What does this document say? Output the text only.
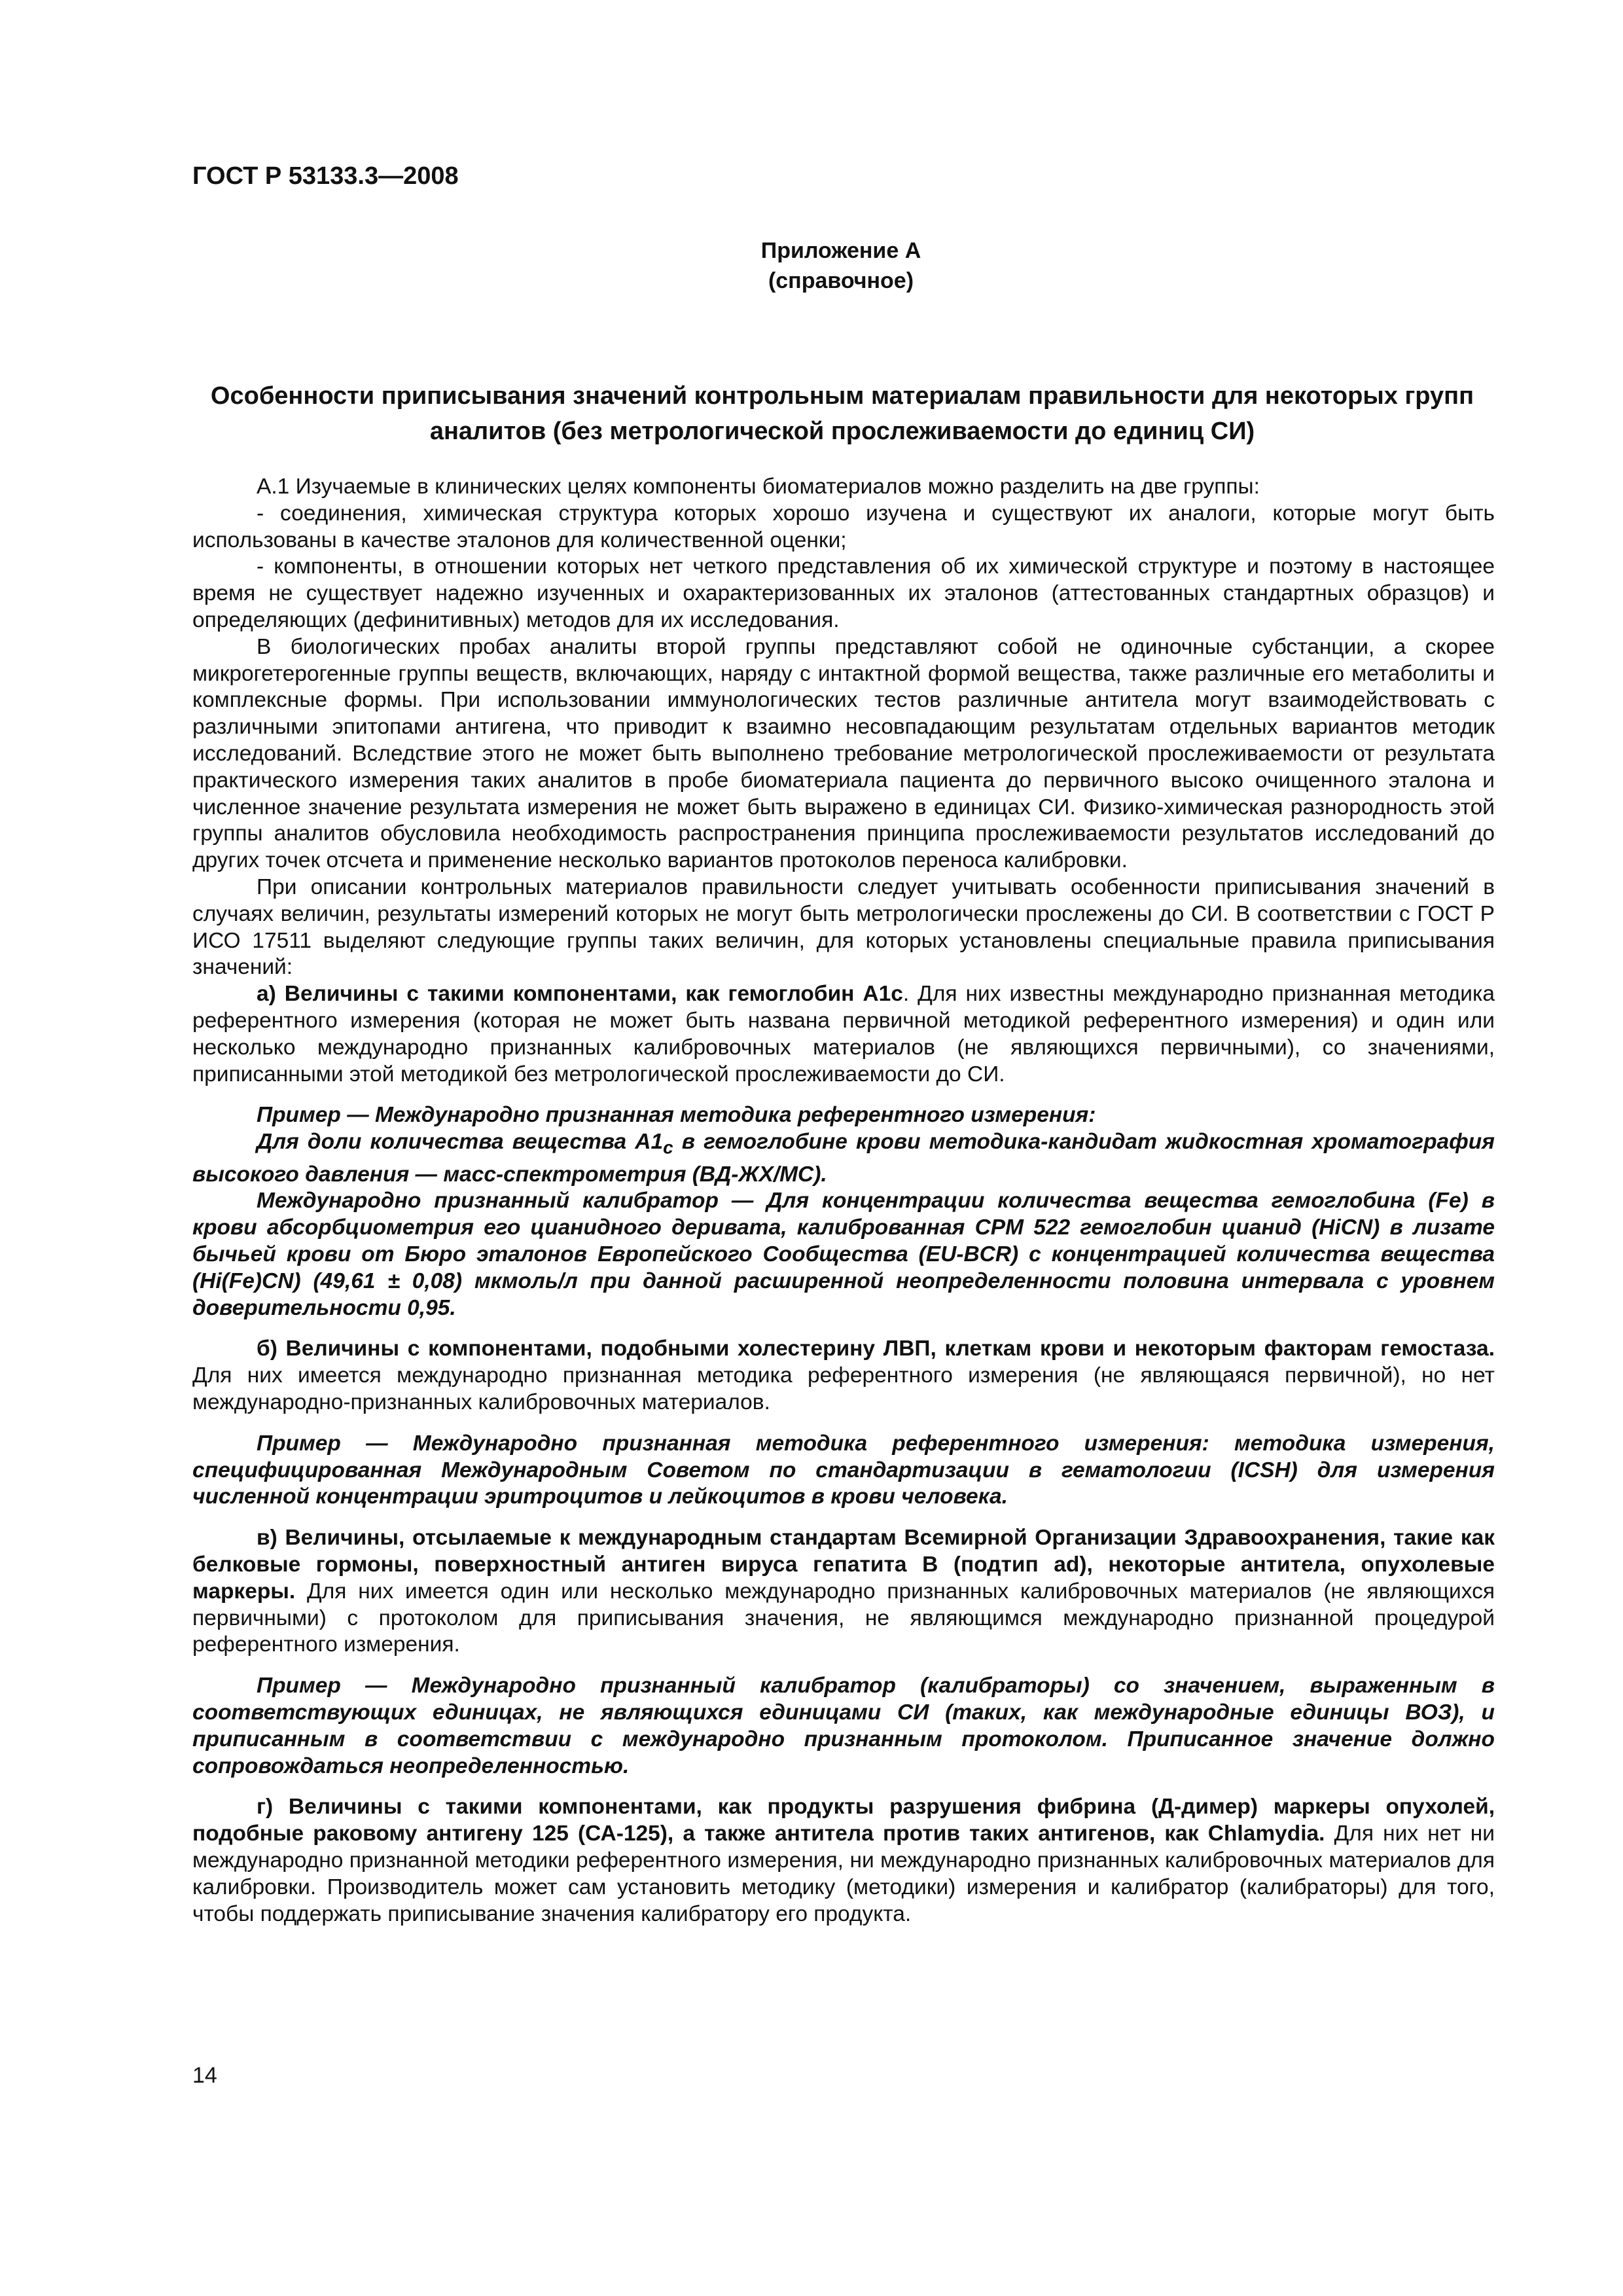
ГОСТ Р 53133.3—2008
Приложение А
(справочное)
Особенности приписывания значений контрольным материалам правильности для некоторых групп аналитов (без метрологической прослеживаемости до единиц СИ)

А.1 Изучаемые в клинических целях компоненты биоматериалов можно разделить на две группы:

- соединения, химическая структура которых хорошо изучена и существуют их аналоги, которые могут быть использованы в качестве эталонов для количественной оценки;

- компоненты, в отношении которых нет четкого представления об их химической структуре и поэтому в настоящее время не существует надежно изученных и охарактеризованных их эталонов (аттестованных стандартных образцов) и определяющих (дефинитивных) методов для их исследования.

В биологических пробах аналиты второй группы представляют собой не одиночные субстанции, а скорее микрогетерогенные группы веществ, включающих, наряду с интактной формой вещества, также различные его метаболиты и комплексные формы. При использовании иммунологических тестов различные антитела могут взаимодействовать с различными эпитопами антигена, что приводит к взаимно несовпадающим результатам отдельных вариантов методик исследований. Вследствие этого не может быть выполнено требование метрологической прослеживаемости от результата практического измерения таких аналитов в пробе биоматериала пациента до первичного высоко очищенного эталона и численное значение результата измерения не может быть выражено в единицах СИ. Физико-химическая разнородность этой группы аналитов обусловила необходимость распространения принципа прослеживаемости результатов исследований до других точек отсчета и применение несколько вариантов протоколов переноса калибровки.

При описании контрольных материалов правильности следует учитывать особенности приписывания значений в случаях величин, результаты измерений которых не могут быть метрологически прослежены до СИ. В соответствии с ГОСТ Р ИСО 17511 выделяют следующие группы таких величин, для которых установлены специальные правила приписывания значений:

а) Величины с такими компонентами, как гемоглобин А1с. Для них известны международно признанная методика референтного измерения (которая не может быть названа первичной методикой референтного измерения) и один или несколько международно признанных калибровочных материалов (не являющихся первичными), со значениями, приписанными этой методикой без метрологической прослеживаемости до СИ.

Пример — Международно признанная методика референтного измерения:

Для доли количества вещества $А1_c$ в гемоглобине крови методика-кандидат жидкостная хроматография высокого давления — масс-спектрометрия (ВД-ЖХ/МС).

Международно признанный калибратор — Для концентрации количества вещества гемоглобина (Fe) в крови абсорбциометрия его цианидного деривата, калиброванная СРМ 522 гемоглобин цианид (HiCN) в лизате бычьей крови от Бюро эталонов Европейского Сообщества (EU-BCR) с концентрацией количества вещества (Hi(Fe)CN) (49,61 ± 0,08) мкмоль/л при данной расширенной неопределенности половина интервала с уровнем доверительности 0,95.

б) Величины с компонентами, подобными холестерину ЛВП, клеткам крови и некоторым факторам гемостаза. Для них имеется международно признанная методика референтного измерения (не являющаяся первичной), но нет международно-признанных калибровочных материалов.

Пример — Международно признанная методика референтного измерения: методика измерения, специфицированная Международным Советом по стандартизации в гематологии (ICSH) для измерения численной концентрации эритроцитов и лейкоцитов в крови человека.

в) Величины, отсылаемые к международным стандартам Всемирной Организации Здравоохранения, такие как белковые гормоны, поверхностный антиген вируса гепатита В (подтип ad), некоторые антитела, опухолевые маркеры. Для них имеется один или несколько международно признанных калибровочных материалов (не являющихся первичными) с протоколом для приписывания значения, не являющимся международно признанной процедурой референтного измерения.

Пример — Международно признанный калибратор (калибраторы) со значением, выраженным в соответствующих единицах, не являющихся единицами СИ (таких, как международные единицы ВОЗ), и приписанным в соответствии с международно признанным протоколом. Приписанное значение должно сопровождаться неопределенностью.

г) Величины с такими компонентами, как продукты разрушения фибрина (Д-димер) маркеры опухолей, подобные раковому антигену 125 (СА-125), а также антитела против таких антигенов, как Chlamydia. Для них нет ни международно признанной методики референтного измерения, ни международно признанных калибровочных материалов для калибровки. Производитель может сам установить методику (методики) измерения и калибратор (калибраторы) для того, чтобы поддержать приписывание значения калибратору его продукта.

14
